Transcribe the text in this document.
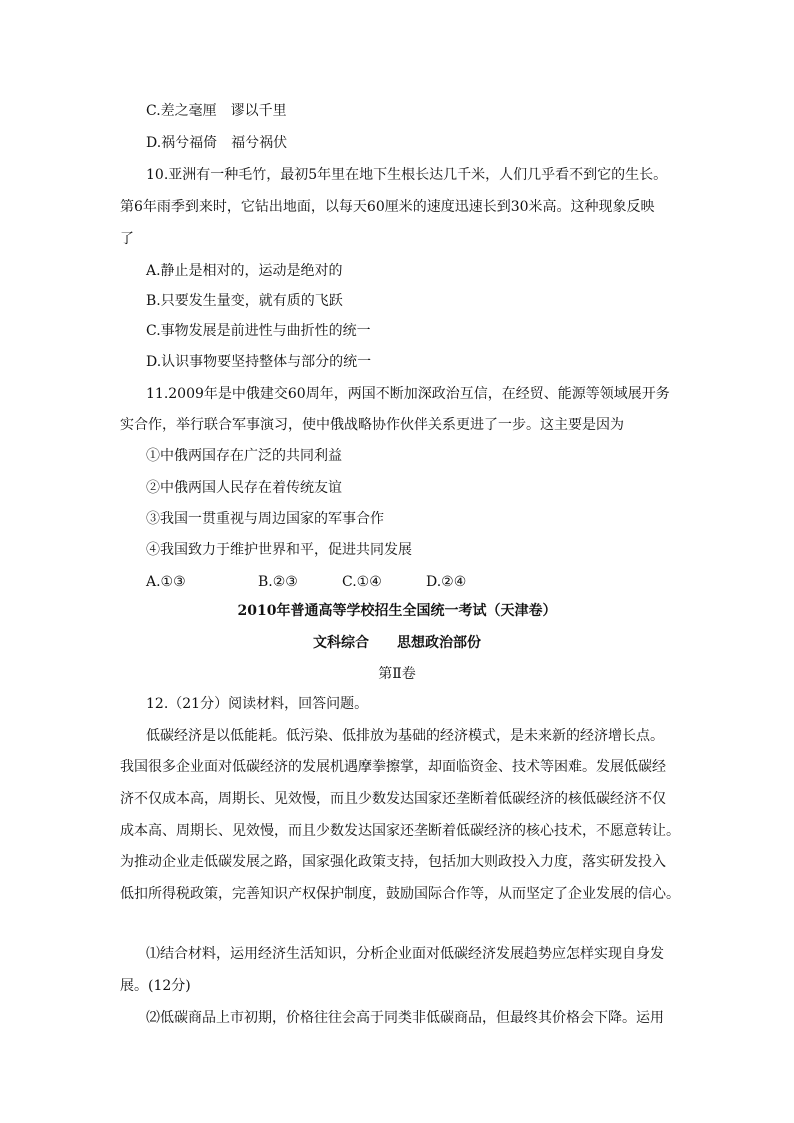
C.差之毫厘　谬以千里
D.祸兮福倚　福兮祸伏
10.亚洲有一种毛竹，最初5年里在地下生根长达几千米，人们几乎看不到它的生长。
第6年雨季到来时，它钻出地面，以每天60厘米的速度迅速长到30米高。这种现象反映
了
A.静止是相对的，运动是绝对的
B.只要发生量变，就有质的飞跃
C.事物发展是前进性与曲折性的统一
D.认识事物要坚持整体与部分的统一
11.2009年是中俄建交60周年，两国不断加深政治互信，在经贸、能源等领域展开务
实合作，举行联合军事演习，使中俄战略协作伙伴关系更进了一步。这主要是因为
①中俄两国存在广泛的共同利益
②中俄两国人民存在着传统友谊
③我国一贯重视与周边国家的军事合作
④我国致力于维护世界和平，促进共同发展
A.①③	B.②③	C.①④	D.②④
2010年普通高等学校招生全国统一考试（天津卷）
文科综合　　思想政治部份
第Ⅱ卷
12.（21分）阅读材料，回答问题。
低碳经济是以低能耗。低污染、低排放为基础的经济模式，是未来新的经济增长点。
我国很多企业面对低碳经济的发展机遇摩拳擦掌，却面临资金、技术等困难。发展低碳经
济不仅成本高，周期长、见效慢，而且少数发达国家还垄断着低碳经济的核低碳经济不仅
成本高、周期长、见效慢，而且少数发达国家还垄断着低碳经济的核心技术，不愿意转让。
为推动企业走低碳发展之路，国家强化政策支持，包括加大则政投入力度，落实研发投入
低扣所得税政策，完善知识产权保护制度，鼓励国际合作等，从而坚定了企业发展的信心。
⑴结合材料，运用经济生活知识，分析企业面对低碳经济发展趋势应怎样实现自身发
展。(12分)
⑵低碳商品上市初期，价格往往会高于同类非低碳商品，但最终其价格会下降。运用
